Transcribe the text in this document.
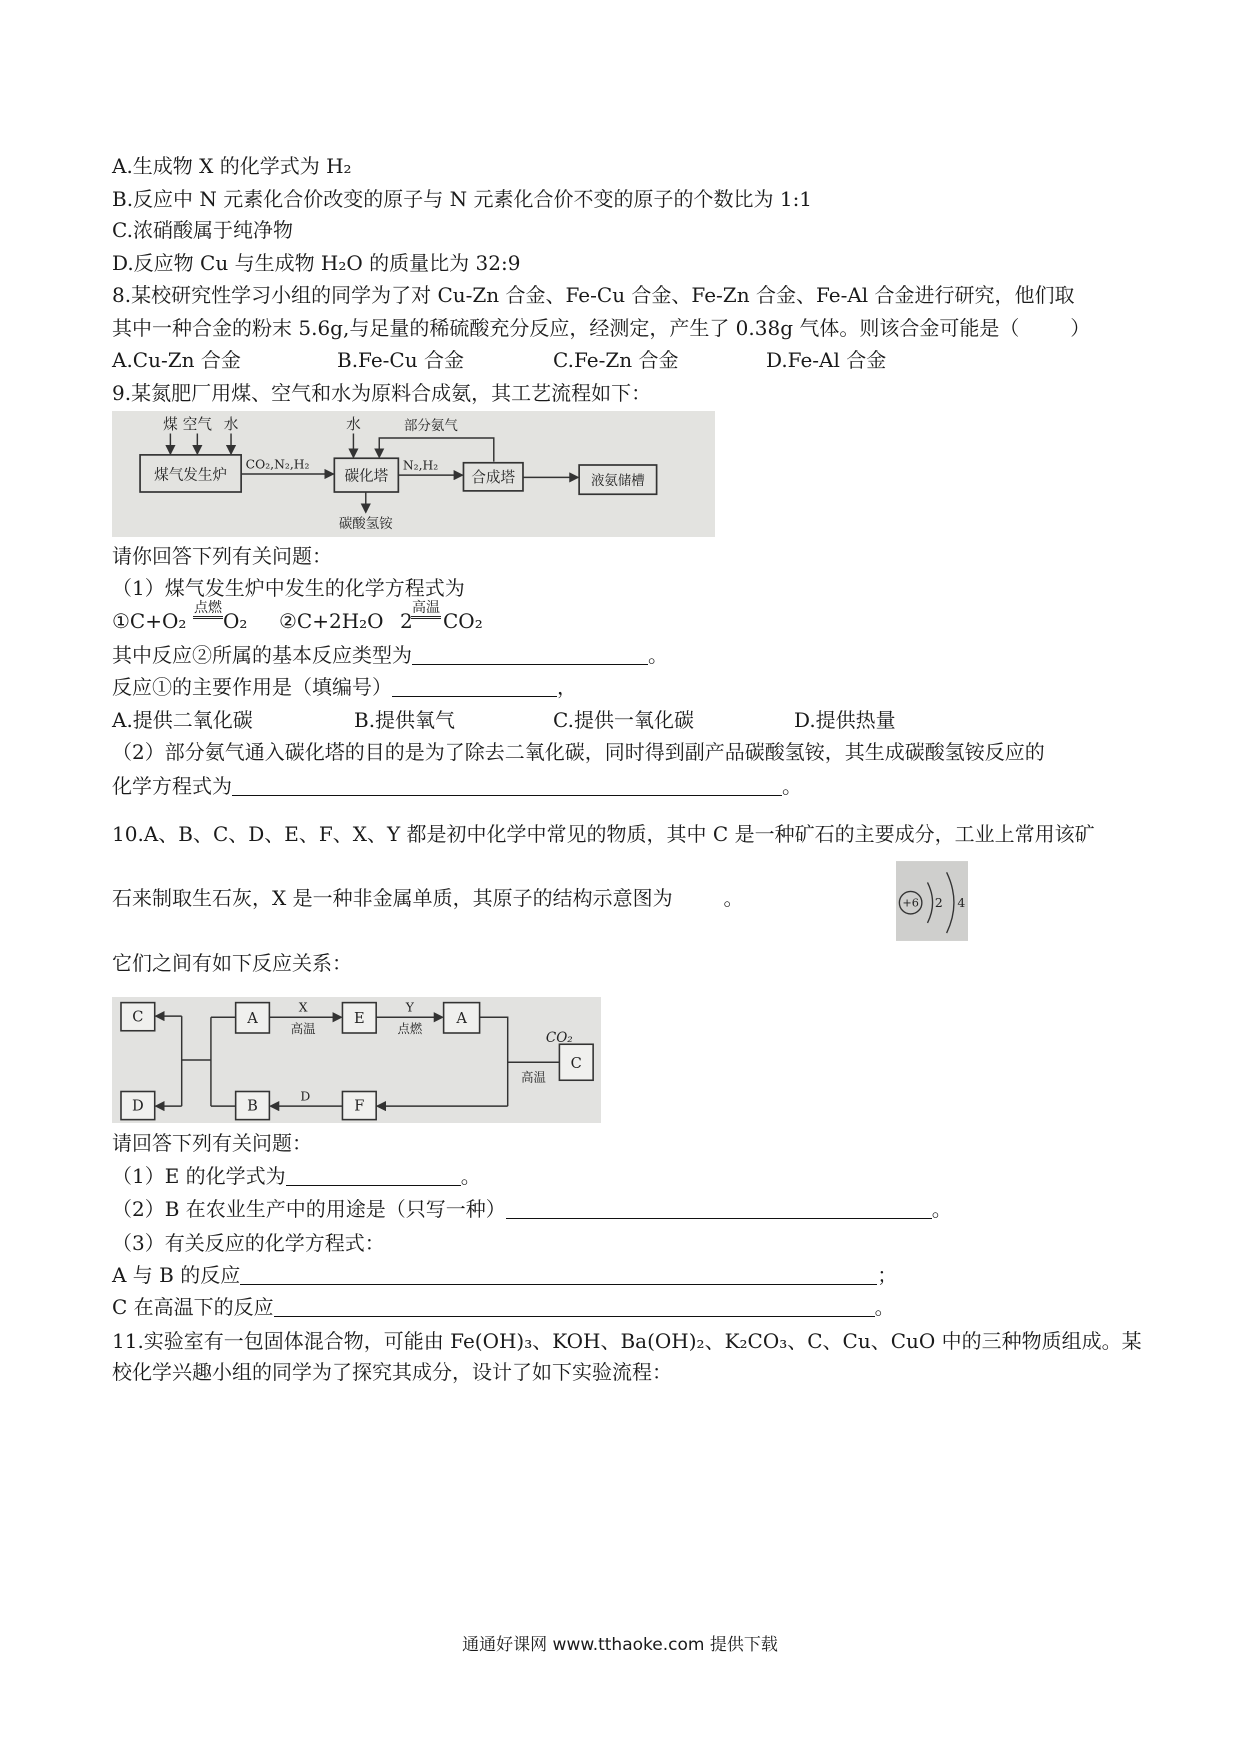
A.生成物 X 的化学式为 H₂
B.反应中 N 元素化合价改变的原子与 N 元素化合价不变的原子的个数比为 1:1
C.浓硝酸属于纯净物
D.反应物 Cu 与生成物 H₂O 的质量比为 32:9
8.某校研究性学习小组的同学为了对 Cu-Zn 合金、Fe-Cu 合金、Fe-Zn 合金、Fe-Al 合金进行研究，他们取
其中一种合金的粉末 5.6g,与足量的稀硫酸充分反应，经测定，产生了 0.38g 气体。则该合金可能是（        ）
A.Cu-Zn 合金	B.Fe-Cu 合金	C.Fe-Zn 合金	D.Fe-Al 合金
9.某氮肥厂用煤、空气和水为原料合成氨，其工艺流程如下：
煤 空气 水
煤气发生炉
CO₂,N₂,H₂
水	部分氨气
碳化塔
N₂,H₂
合成塔	液氨储槽
碳酸氢铵
请你回答下列有关问题：
（1）煤气发生炉中发生的化学方程式为
①C+O₂
点燃
O₂ ②C+2H₂O 2
高温
CO₂
其中反应②所属的基本反应类型为	。
反应①的主要作用是（填编号）	，
A.提供二氧化碳	B.提供氧气	C.提供一氧化碳	D.提供热量
（2）部分氨气通入碳化塔的目的是为了除去二氧化碳，同时得到副产品碳酸氢铵，其生成碳酸氢铵反应的
化学方程式为	。
10.A、B、C、D、E、F、X、Y 都是初中化学中常见的物质，其中 C 是一种矿石的主要成分，工业上常用该矿
石来制取生石灰，X 是一种非金属单质，其原子的结构示意图为        。	+6 2 4
它们之间有如下反应关系：
C
D
A
X
高温
E
Y
点燃
A
高温
C
CO₂
F
D
B
请回答下列有关问题：
（1）E 的化学式为	。
（2）B 在农业生产中的用途是（只写一种）	。
（3）有关反应的化学方程式：
A 与 B 的反应	；
C 在高温下的反应	。
11.实验室有一包固体混合物，可能由 Fe(OH)₃、KOH、Ba(OH)₂、K₂CO₃、C、Cu、CuO 中的三种物质组成。某
校化学兴趣小组的同学为了探究其成分，设计了如下实验流程：
通通好课网 www.tthaoke.com 提供下载
